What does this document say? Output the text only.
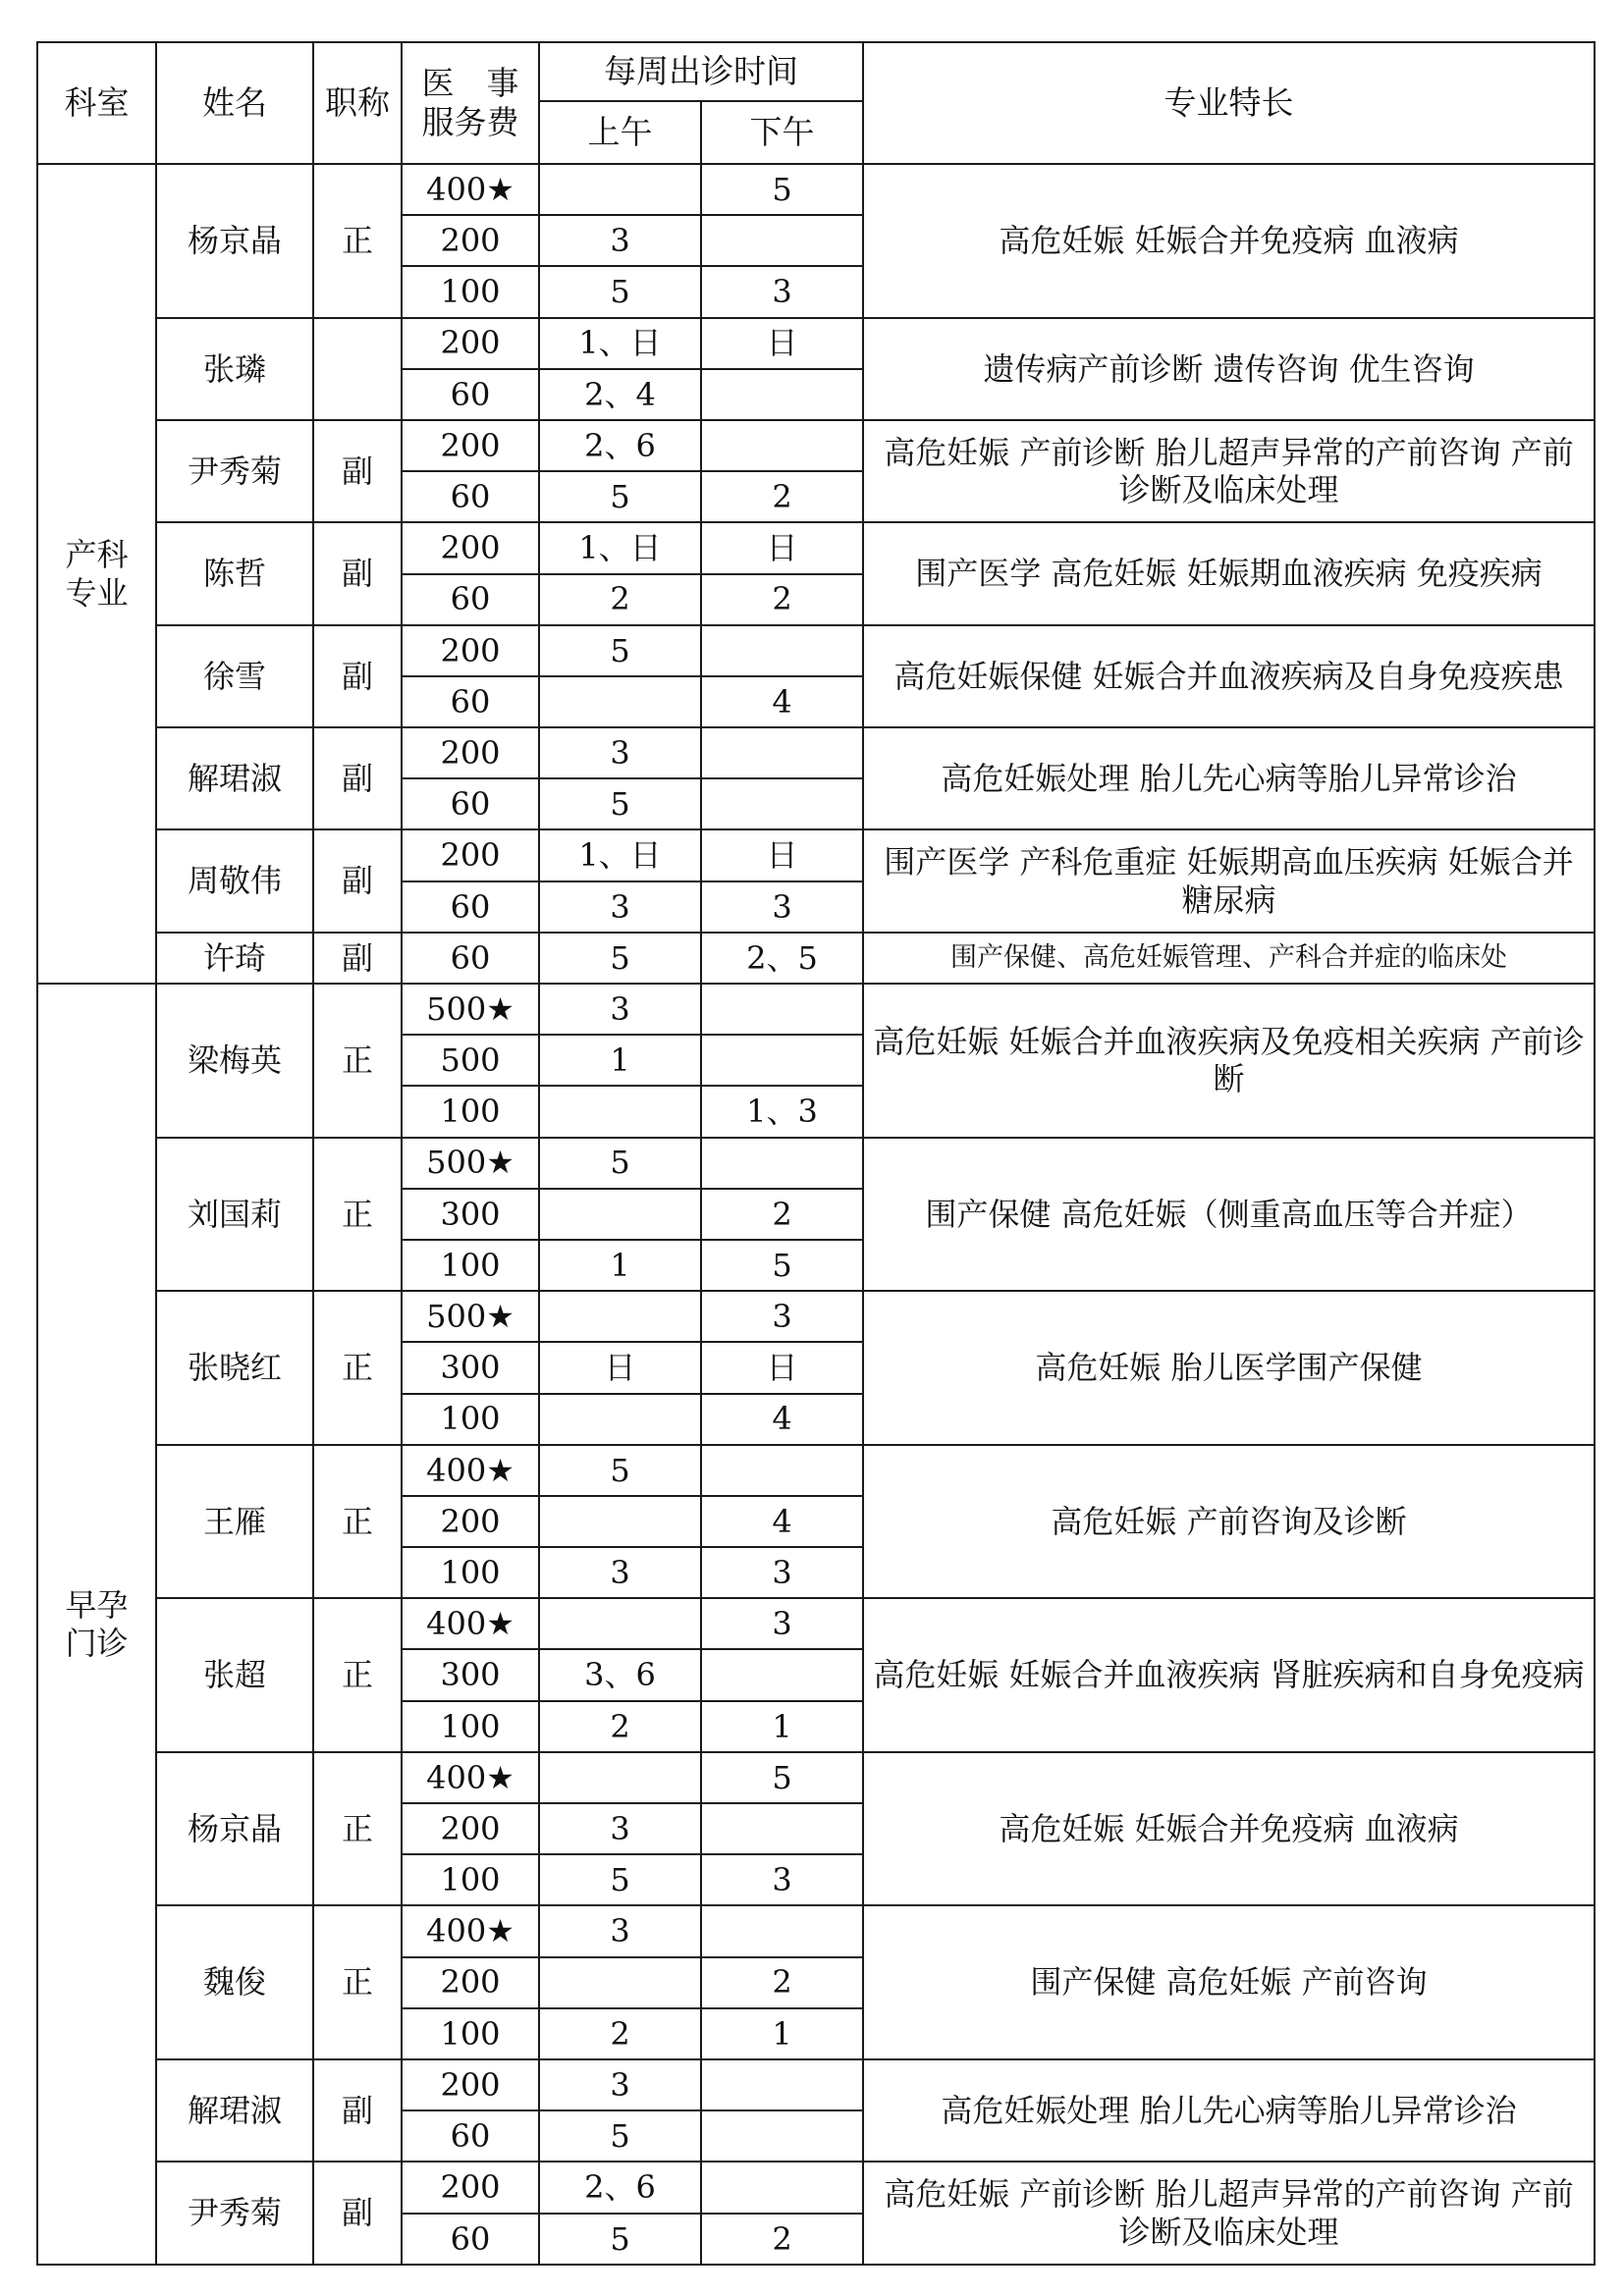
科室	姓名	职称	医　事服务费	每周出诊时间		专业特长
				上午	下午	
产科专业	杨京晶	正	400★		5	高危妊娠 妊娠合并免疫病 血液病
			200	3		
			100	5	3	
	张璘		200	1、日	日	遗传病产前诊断 遗传咨询 优生咨询
			60	2、4		
	尹秀菊	副	200	2、6		高危妊娠 产前诊断 胎儿超声异常的产前咨询 产前诊断及临床处理
			60	5	2	
	陈哲	副	200	1、日	日	围产医学 高危妊娠 妊娠期血液疾病 免疫疾病
			60	2	2	
	徐雪	副	200	5		高危妊娠保健 妊娠合并血液疾病及自身免疫疾患
			60		4	
	解珺淑	副	200	3		高危妊娠处理 胎儿先心病等胎儿异常诊治
			60	5		
	周敬伟	副	200	1、日	日	围产医学 产科危重症 妊娠期高血压疾病 妊娠合并糖尿病
			60	3	3	
	许琦	副	60	5	2、5	围产保健、高危妊娠管理、产科合并症的临床处
早孕门诊	梁梅英	正	500★	3		高危妊娠 妊娠合并血液疾病及免疫相关疾病 产前诊断
			500	1		
			100		1、3	
	刘国莉	正	500★	5		围产保健 高危妊娠（侧重高血压等合并症）
			300		2	
			100	1	5	
	张晓红	正	500★		3	高危妊娠 胎儿医学围产保健
			300	日	日	
			100		4	
	王雁	正	400★	5		高危妊娠 产前咨询及诊断
			200		4	
			100	3	3	
	张超	正	400★		3	高危妊娠 妊娠合并血液疾病 肾脏疾病和自身免疫病
			300	3、6		
			100	2	1	
	杨京晶	正	400★		5	高危妊娠 妊娠合并免疫病 血液病
			200	3		
			100	5	3	
	魏俊	正	400★	3		围产保健 高危妊娠 产前咨询
			200		2	
			100	2	1	
	解珺淑	副	200	3		高危妊娠处理 胎儿先心病等胎儿异常诊治
			60	5		
	尹秀菊	副	200	2、6		高危妊娠 产前诊断 胎儿超声异常的产前咨询 产前诊断及临床处理
			60	5	2	
